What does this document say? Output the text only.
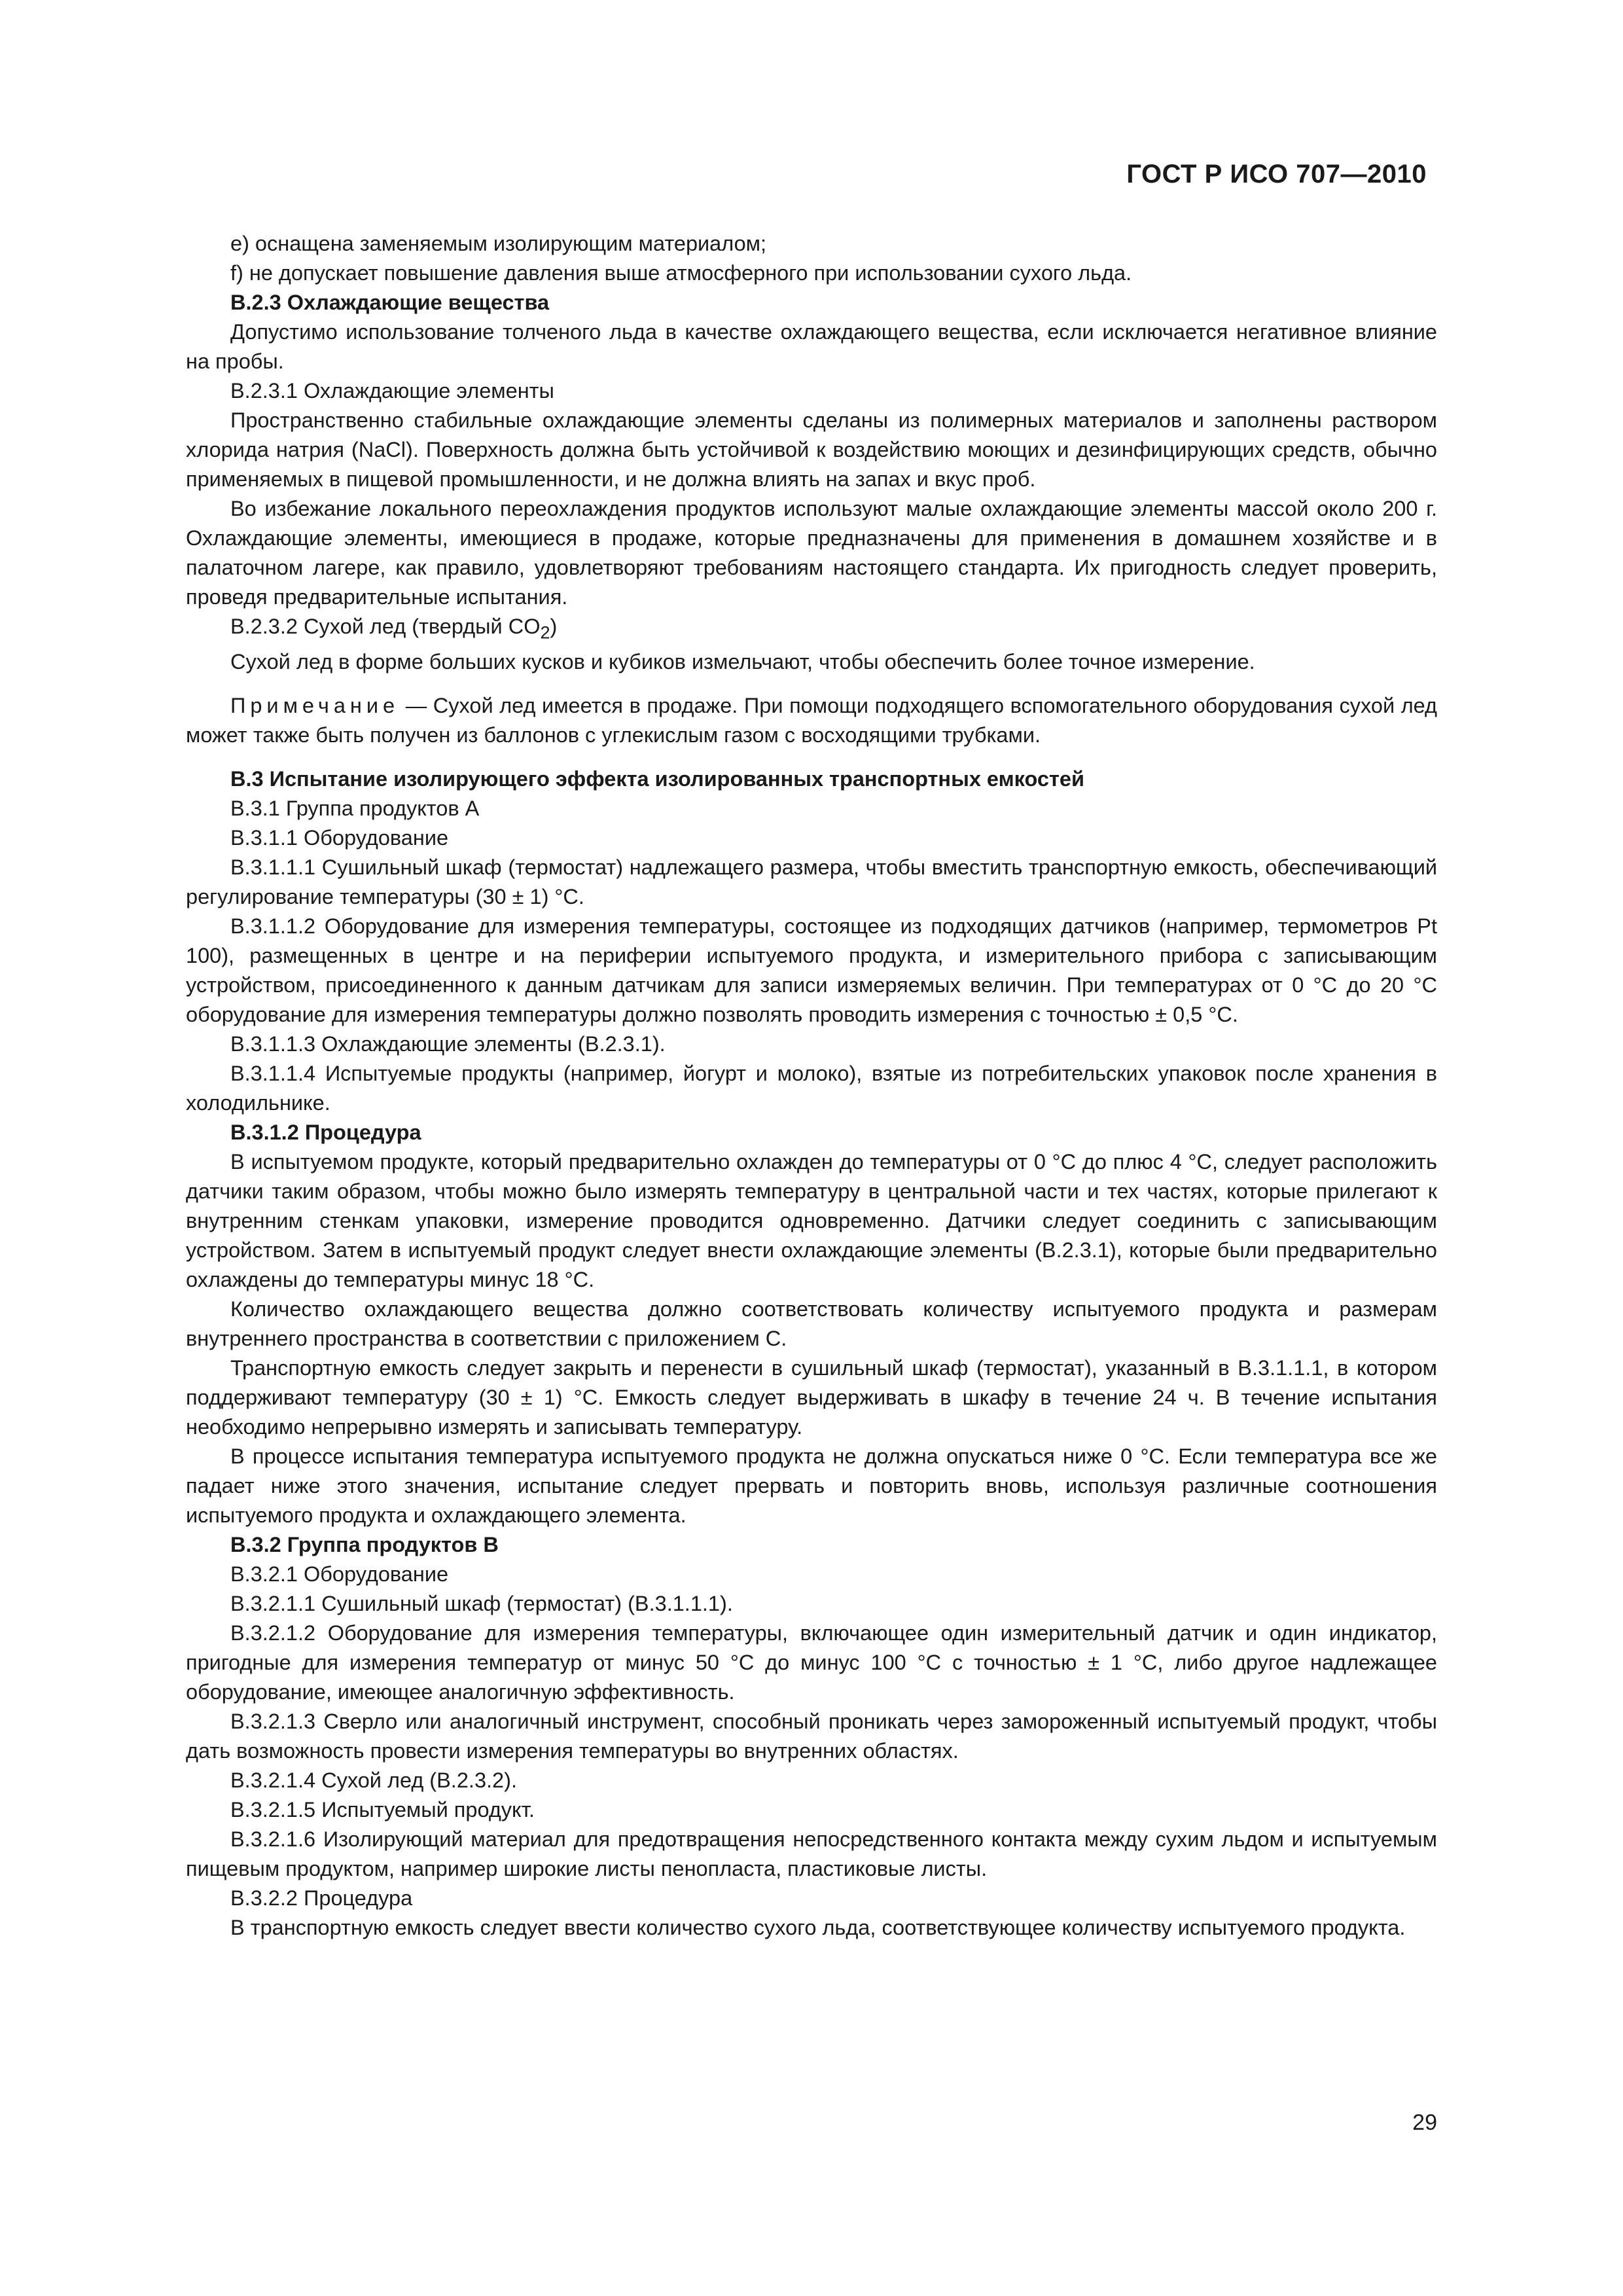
ГОСТ Р ИСО 707—2010

e) оснащена заменяемым изолирующим материалом;

f) не допускает повышение давления выше атмосферного при использовании сухого льда.

B.2.3 Охлаждающие вещества

Допустимо использование толченого льда в качестве охлаждающего вещества, если исключается негативное влияние на пробы.

B.2.3.1 Охлаждающие элементы

Пространственно стабильные охлаждающие элементы сделаны из полимерных материалов и заполнены раствором хлорида натрия (NaCl). Поверхность должна быть устойчивой к воздействию моющих и дезинфицирующих средств, обычно применяемых в пищевой промышленности, и не должна влиять на запах и вкус проб.

Во избежание локального переохлаждения продуктов используют малые охлаждающие элементы массой около 200 г. Охлаждающие элементы, имеющиеся в продаже, которые предназначены для применения в домашнем хозяйстве и в палаточном лагере, как правило, удовлетворяют требованиям настоящего стандарта. Их пригодность следует проверить, проведя предварительные испытания.

B.2.3.2 Сухой лед (твердый $CO_2$)

Сухой лед в форме больших кусков и кубиков измельчают, чтобы обеспечить более точное измерение.

Примечание — Сухой лед имеется в продаже. При помощи подходящего вспомогательного оборудования сухой лед может также быть получен из баллонов с углекислым газом с восходящими трубками.

B.3 Испытание изолирующего эффекта изолированных транспортных емкостей

B.3.1 Группа продуктов А

B.3.1.1 Оборудование

B.3.1.1.1 Сушильный шкаф (термостат) надлежащего размера, чтобы вместить транспортную емкость, обеспечивающий регулирование температуры (30 ± 1) °С.

B.3.1.1.2 Оборудование для измерения температуры, состоящее из подходящих датчиков (например, термометров Pt 100), размещенных в центре и на периферии испытуемого продукта, и измерительного прибора с записывающим устройством, присоединенного к данным датчикам для записи измеряемых величин. При температурах от 0 °С до 20 °С оборудование для измерения температуры должно позволять проводить измерения с точностью ± 0,5 °С.

B.3.1.1.3 Охлаждающие элементы (B.2.3.1).

B.3.1.1.4 Испытуемые продукты (например, йогурт и молоко), взятые из потребительских упаковок после хранения в холодильнике.

B.3.1.2 Процедура

В испытуемом продукте, который предварительно охлажден до температуры от 0 °С до плюс 4 °С, следует расположить датчики таким образом, чтобы можно было измерять температуру в центральной части и тех частях, которые прилегают к внутренним стенкам упаковки, измерение проводится одновременно. Датчики следует соединить с записывающим устройством. Затем в испытуемый продукт следует внести охлаждающие элементы (B.2.3.1), которые были предварительно охлаждены до температуры минус 18 °С.

Количество охлаждающего вещества должно соответствовать количеству испытуемого продукта и размерам внутреннего пространства в соответствии с приложением С.

Транспортную емкость следует закрыть и перенести в сушильный шкаф (термостат), указанный в B.3.1.1.1, в котором поддерживают температуру (30 ± 1) °С. Емкость следует выдерживать в шкафу в течение 24 ч. В течение испытания необходимо непрерывно измерять и записывать температуру.

В процессе испытания температура испытуемого продукта не должна опускаться ниже 0 °С. Если температура все же падает ниже этого значения, испытание следует прервать и повторить вновь, используя различные соотношения испытуемого продукта и охлаждающего элемента.

B.3.2 Группа продуктов В

B.3.2.1 Оборудование

B.3.2.1.1 Сушильный шкаф (термостат) (B.3.1.1.1).

B.3.2.1.2 Оборудование для измерения температуры, включающее один измерительный датчик и один индикатор, пригодные для измерения температур от минус 50 °С до минус 100 °С с точностью ± 1 °С, либо другое надлежащее оборудование, имеющее аналогичную эффективность.

B.3.2.1.3 Сверло или аналогичный инструмент, способный проникать через замороженный испытуемый продукт, чтобы дать возможность провести измерения температуры во внутренних областях.

B.3.2.1.4 Сухой лед (B.2.3.2).

B.3.2.1.5 Испытуемый продукт.

B.3.2.1.6 Изолирующий материал для предотвращения непосредственного контакта между сухим льдом и испытуемым пищевым продуктом, например широкие листы пенопласта, пластиковые листы.

B.3.2.2 Процедура

В транспортную емкость следует ввести количество сухого льда, соответствующее количеству испытуемого продукта.

29
